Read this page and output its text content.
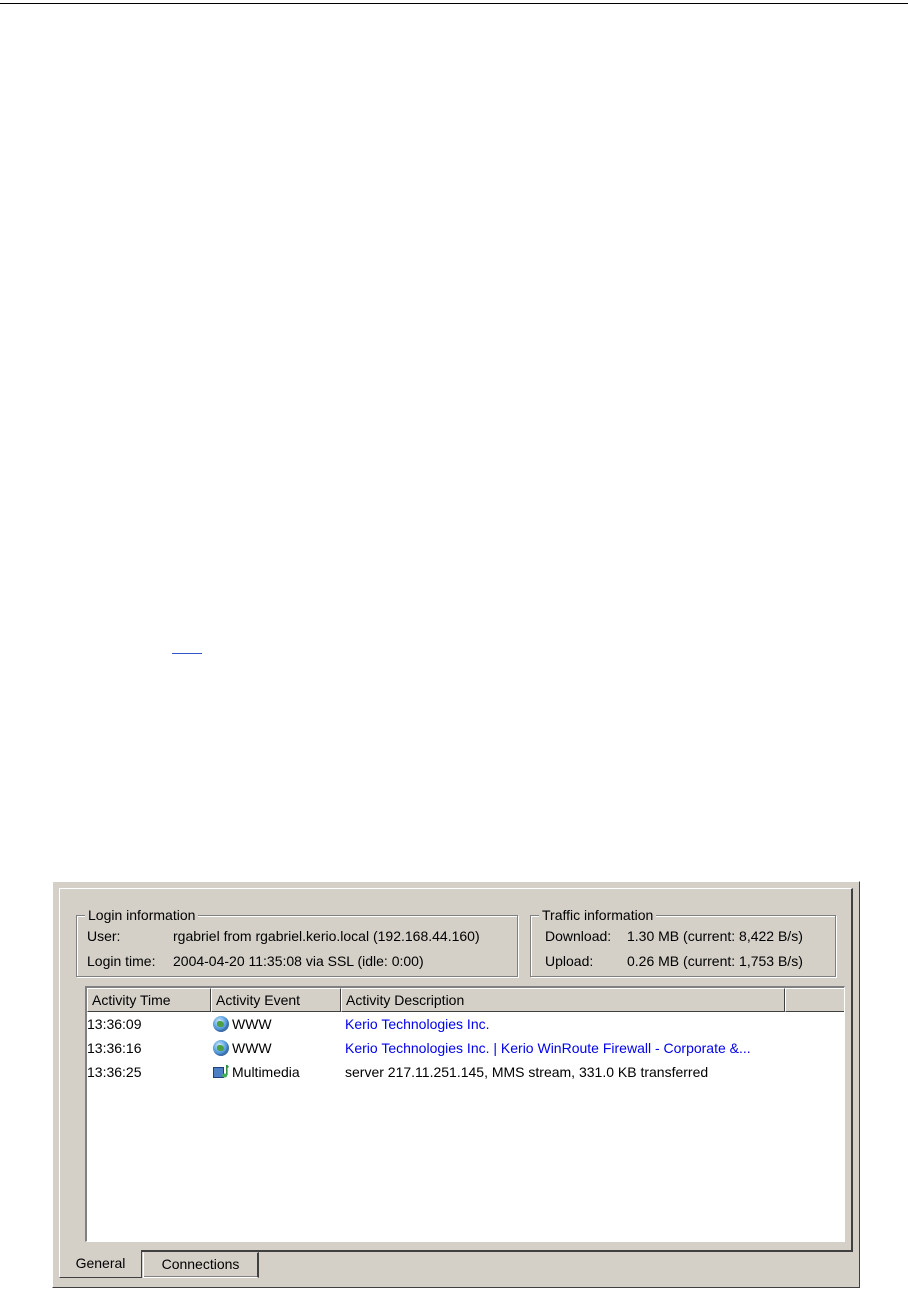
Login information
User:	rgabriel from rgabriel.kerio.local (192.168.44.160)
Login time: 2004-04-20 11:35:08 via SSL (idle: 0:00)
Traffic information
Download: 1.30 MB (current: 8,422 B/s)
Upload: 0.26 MB (current: 1,753 B/s)
Activity Time	Activity Event	Activity Description
13:36:09	WWW	Kerio Technologies Inc.
13:36:16	WWW	Kerio Technologies Inc. | Kerio WinRoute Firewall - Corporate &...
13:36:25	Multimedia	server 217.11.251.145, MMS stream, 331.0 KB transferred
General	Connections
